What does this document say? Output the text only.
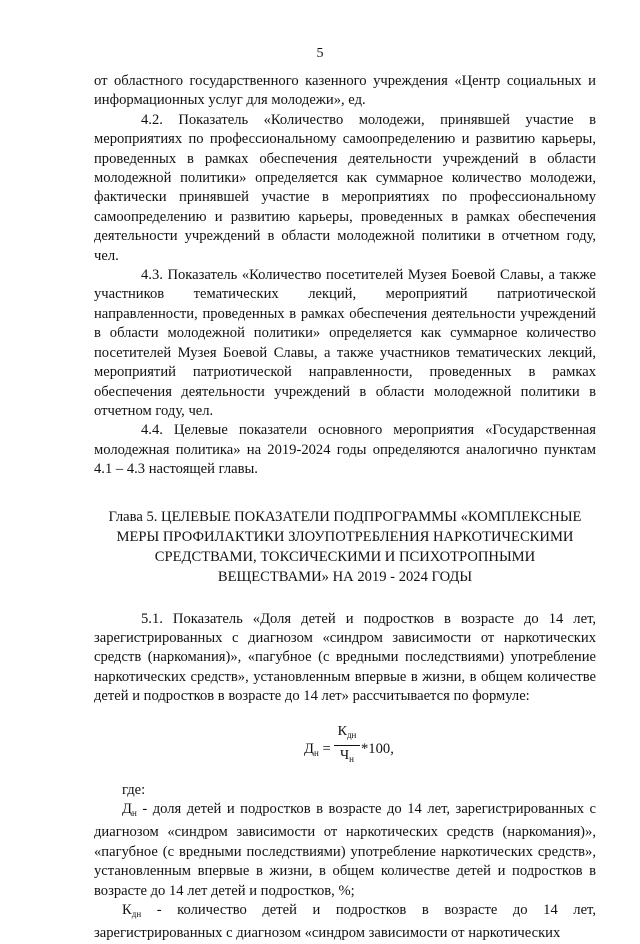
5

от областного государственного казенного учреждения «Центр социальных и информационных услуг для молодежи», ед.

4.2. Показатель «Количество молодежи, принявшей участие в мероприятиях по профессиональному самоопределению и развитию карьеры, проведенных в рамках обеспечения деятельности учреждений в области молодежной политики» определяется как суммарное количество молодежи, фактически принявшей участие в мероприятиях по профессиональному самоопределению и развитию карьеры, проведенных в рамках обеспечения деятельности учреждений в области молодежной политики в отчетном году, чел.

4.3. Показатель «Количество посетителей Музея Боевой Славы, а также участников тематических лекций, мероприятий патриотической направленности, проведенных в рамках обеспечения деятельности учреждений в области молодежной политики» определяется как суммарное количество посетителей Музея Боевой Славы, а также участников тематических лекций, мероприятий патриотической направленности, проведенных в рамках обеспечения деятельности учреждений в области молодежной политики в отчетном году, чел.

4.4. Целевые показатели основного мероприятия «Государственная молодежная политика» на 2019-2024 годы определяются аналогично пунктам 4.1 – 4.3 настоящей главы.

Глава 5. ЦЕЛЕВЫЕ ПОКАЗАТЕЛИ ПОДПРОГРАММЫ «КОМПЛЕКСНЫЕ МЕРЫ ПРОФИЛАКТИКИ ЗЛОУПОТРЕБЛЕНИЯ НАРКОТИЧЕСКИМИ СРЕДСТВАМИ, ТОКСИЧЕСКИМИ И ПСИХОТРОПНЫМИ ВЕЩЕСТВАМИ» НА 2019 - 2024 ГОДЫ

5.1. Показатель «Доля детей и подростков в возрасте до 14 лет, зарегистрированных с диагнозом «синдром зависимости от наркотических средств (наркомания)», «пагубное (с вредными последствиями) употребление наркотических средств», установленным впервые в жизни, в общем количестве детей и подростков в возрасте до 14 лет» рассчитывается по формуле:

$Д_н$ =
$К_{дн}$
$Ч_н$
*100,

где:

$Д_н$ - доля детей и подростков в возрасте до 14 лет, зарегистрированных с диагнозом «синдром зависимости от наркотических средств (наркомания)», «пагубное (с вредными последствиями) употребление наркотических средств», установленным впервые в жизни, в общем количестве детей и подростков в возрасте до 14 лет детей и подростков, %;

$К_{дн}$ - количество детей и подростков в возрасте до 14 лет, зарегистрированных с диагнозом «синдром зависимости от наркотических
